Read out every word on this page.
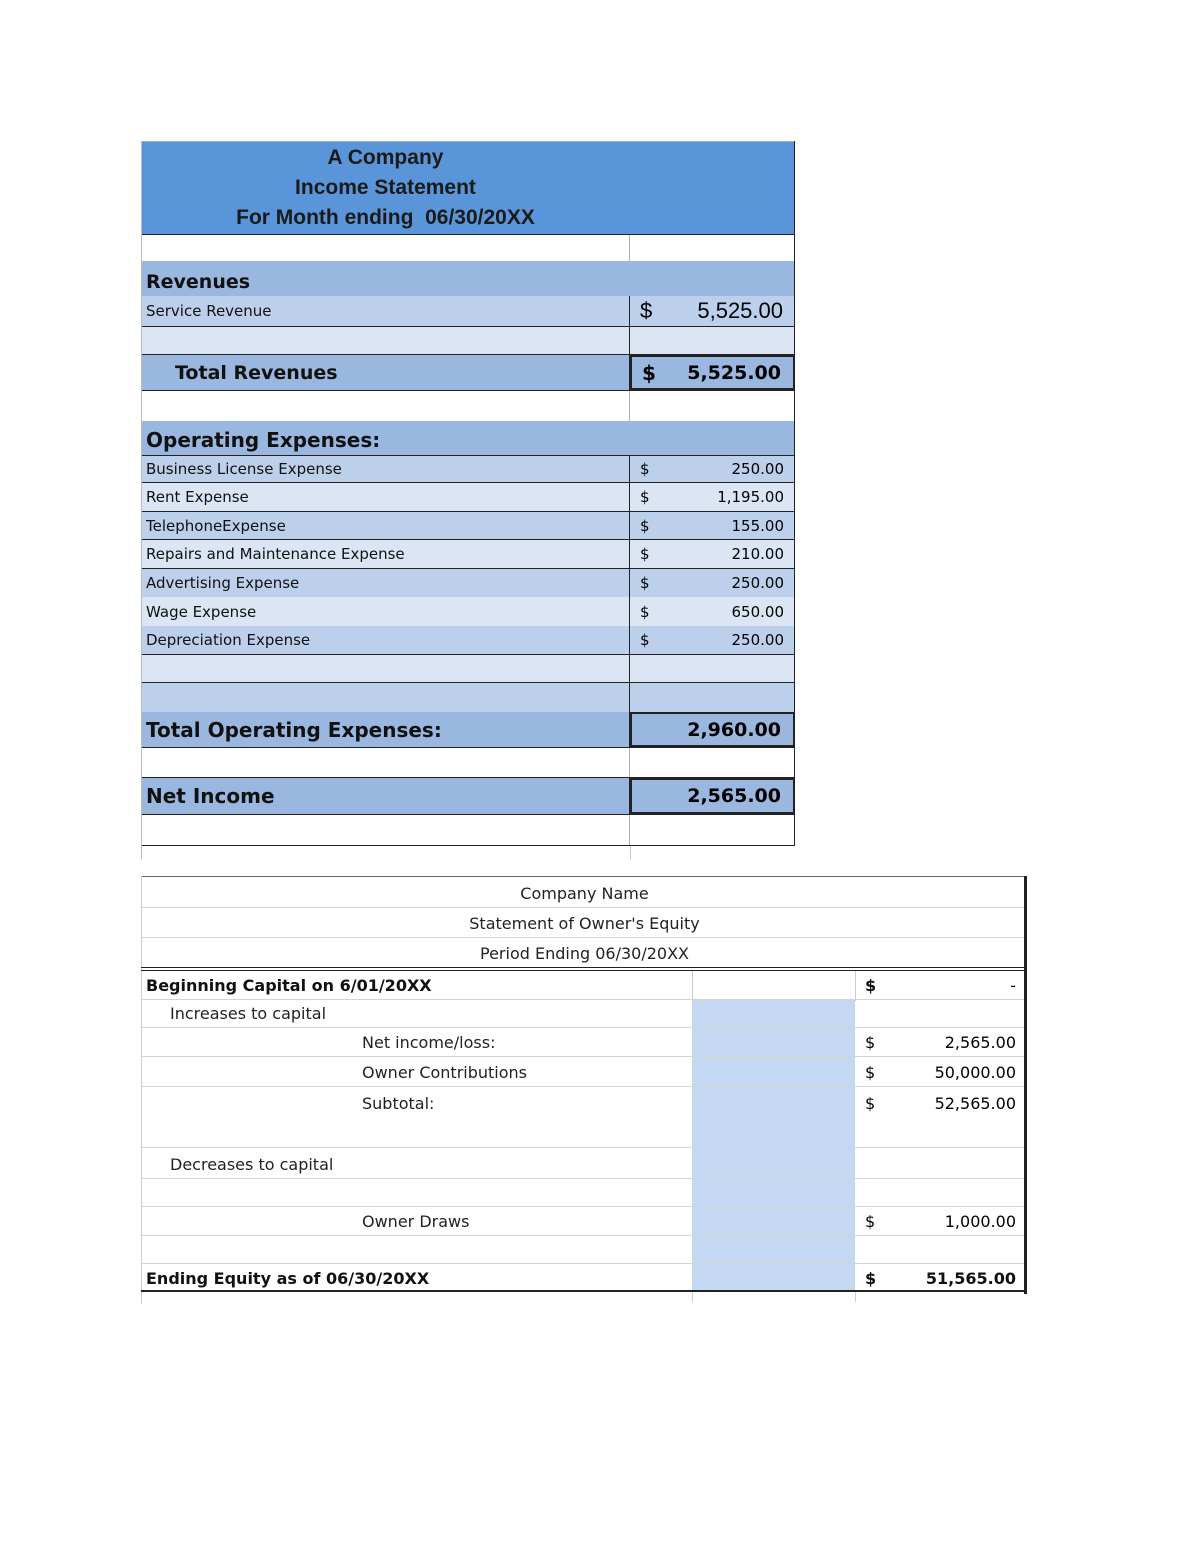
A Company
Income Statement
For Month ending 06/30/20XX
Revenues
Service Revenue	$ 5,525.00
Total Revenues	$ 5,525.00
Operating Expenses:
Business License Expense	$	250.00
Rent Expense	$	1,195.00
TelephoneExpense	$	155.00
Repairs and Maintenance Expense	$	210.00
Advertising Expense	$	250.00
Wage Expense	$	650.00
Depreciation Expense	$	250.00
Total Operating Expenses:	2,960.00
Net Income	2,565.00
Company Name
Statement of Owner's Equity
Period Ending 06/30/20XX
Beginning Capital on 6/01/20XX	$	-
Increases to capital
Net income/loss:	$	2,565.00
Owner Contributions	$	50,000.00
Subtotal:	$	52,565.00
Decreases to capital
Owner Draws	$	1,000.00
Ending Equity as of 06/30/20XX	$	51,565.00
